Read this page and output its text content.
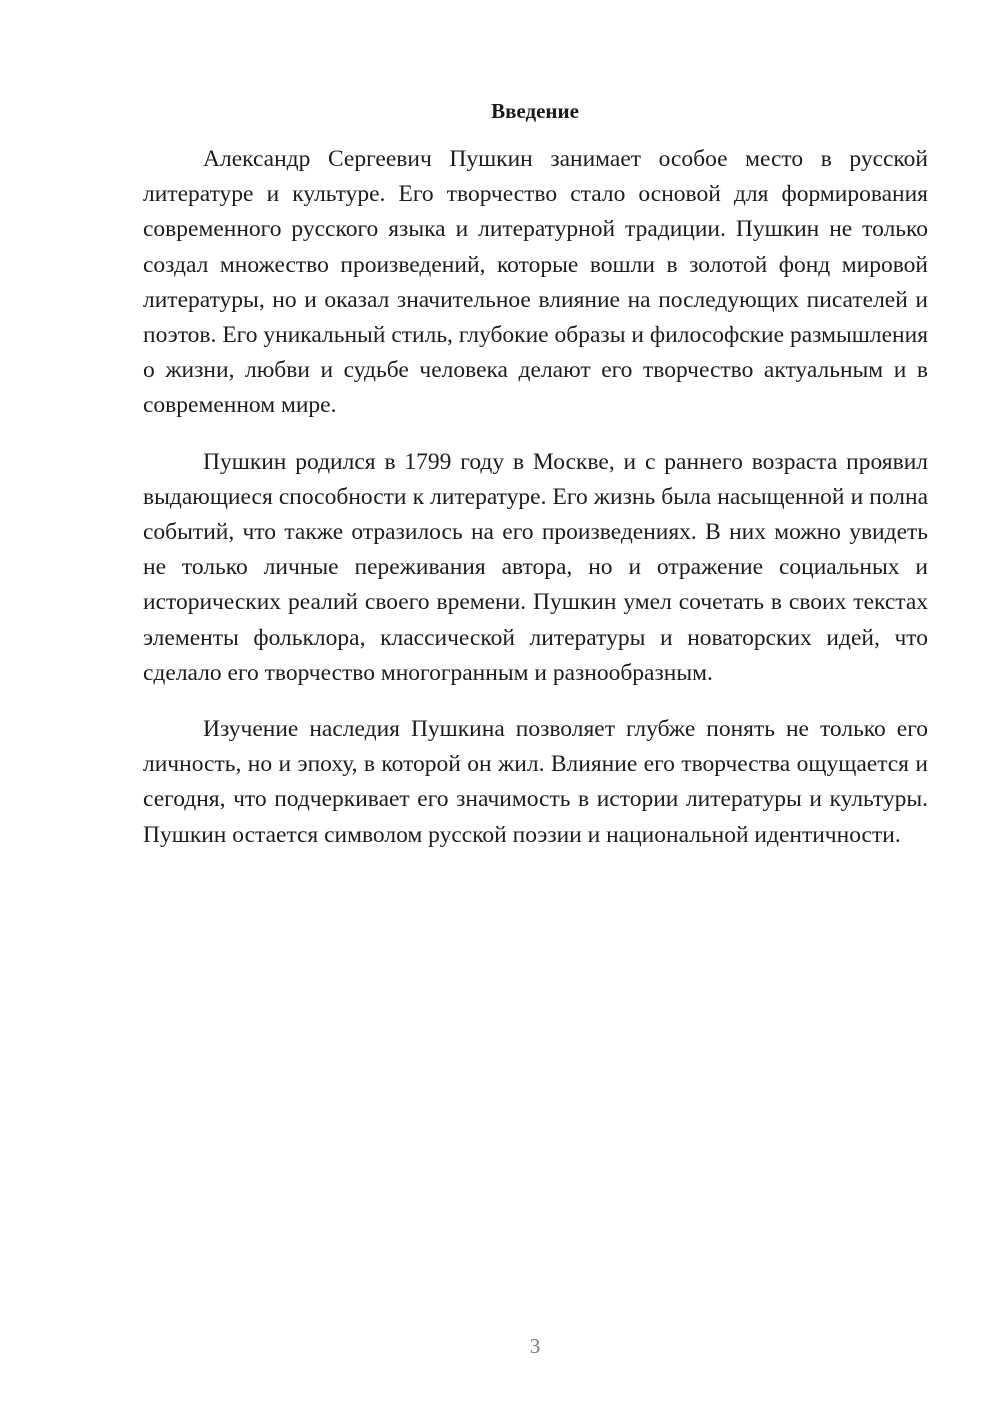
Введение

Александр Сергеевич Пушкин занимает особое место в русской литературе и культуре. Его творчество стало основой для формирования современного русского языка и литературной традиции. Пушкин не только создал множество произведений, которые вошли в золотой фонд мировой литературы, но и оказал значительное влияние на последующих писателей и поэтов. Его уникальный стиль, глубокие образы и философские размышления о жизни, любви и судьбе человека делают его творчество актуальным и в современном мире.

Пушкин родился в 1799 году в Москве, и с раннего возраста проявил выдающиеся способности к литературе. Его жизнь была насыщенной и полна событий, что также отразилось на его произведениях. В них можно увидеть не только личные переживания автора, но и отражение социальных и исторических реалий своего времени. Пушкин умел сочетать в своих текстах элементы фольклора, классической литературы и новаторских идей, что сделало его творчество многогранным и разнообразным.

Изучение наследия Пушкина позволяет глубже понять не только его личность, но и эпоху, в которой он жил. Влияние его творчества ощущается и сегодня, что подчеркивает его значимость в истории литературы и культуры. Пушкин остается символом русской поэзии и национальной идентичности.

3
